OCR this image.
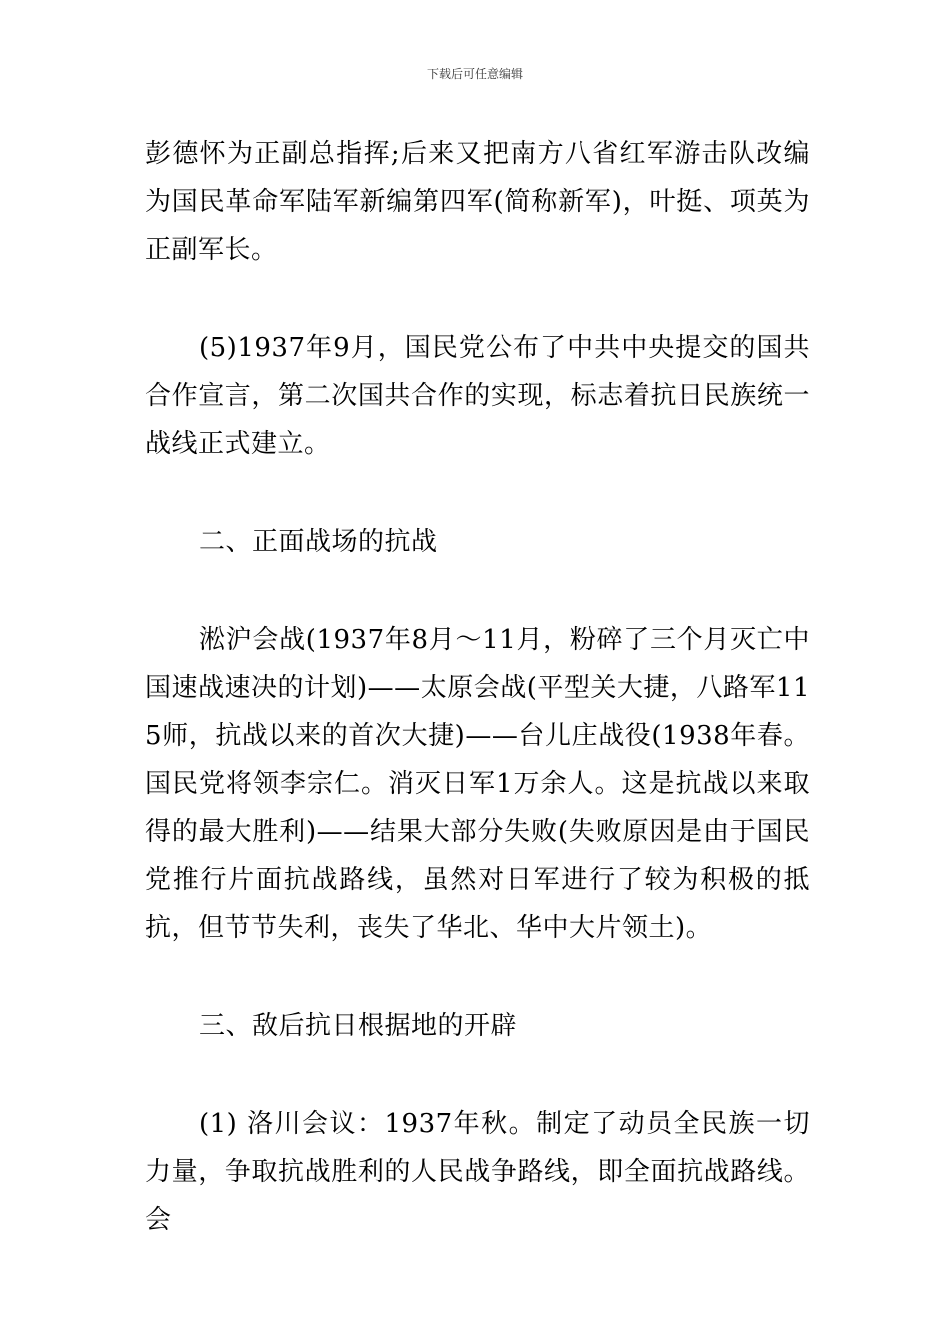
下载后可任意编辑

彭德怀为正副总指挥;后来又把南方八省红军游击队改编为国民革命军陆军新编第四军(简称新军)，叶挺、项英为正副军长。

(5)1937年9月，国民党公布了中共中央提交的国共合作宣言，第二次国共合作的实现，标志着抗日民族统一战线正式建立。

二、正面战场的抗战

淞沪会战(1937年8月～11月，粉碎了三个月灭亡中国速战速决的计划)——太原会战(平型关大捷，八路军115师，抗战以来的首次大捷)——台儿庄战役(1938年春。国民党将领李宗仁。消灭日军1万余人。这是抗战以来取得的最大胜利)——结果大部分失败(失败原因是由于国民党推行片面抗战路线，虽然对日军进行了较为积极的抵抗，但节节失利，丧失了华北、华中大片领土)。

三、敌后抗日根据地的开辟

(1) 洛川会议：1937年秋。制定了动员全民族一切力量，争取抗战胜利的人民战争路线，即全面抗战路线。会
